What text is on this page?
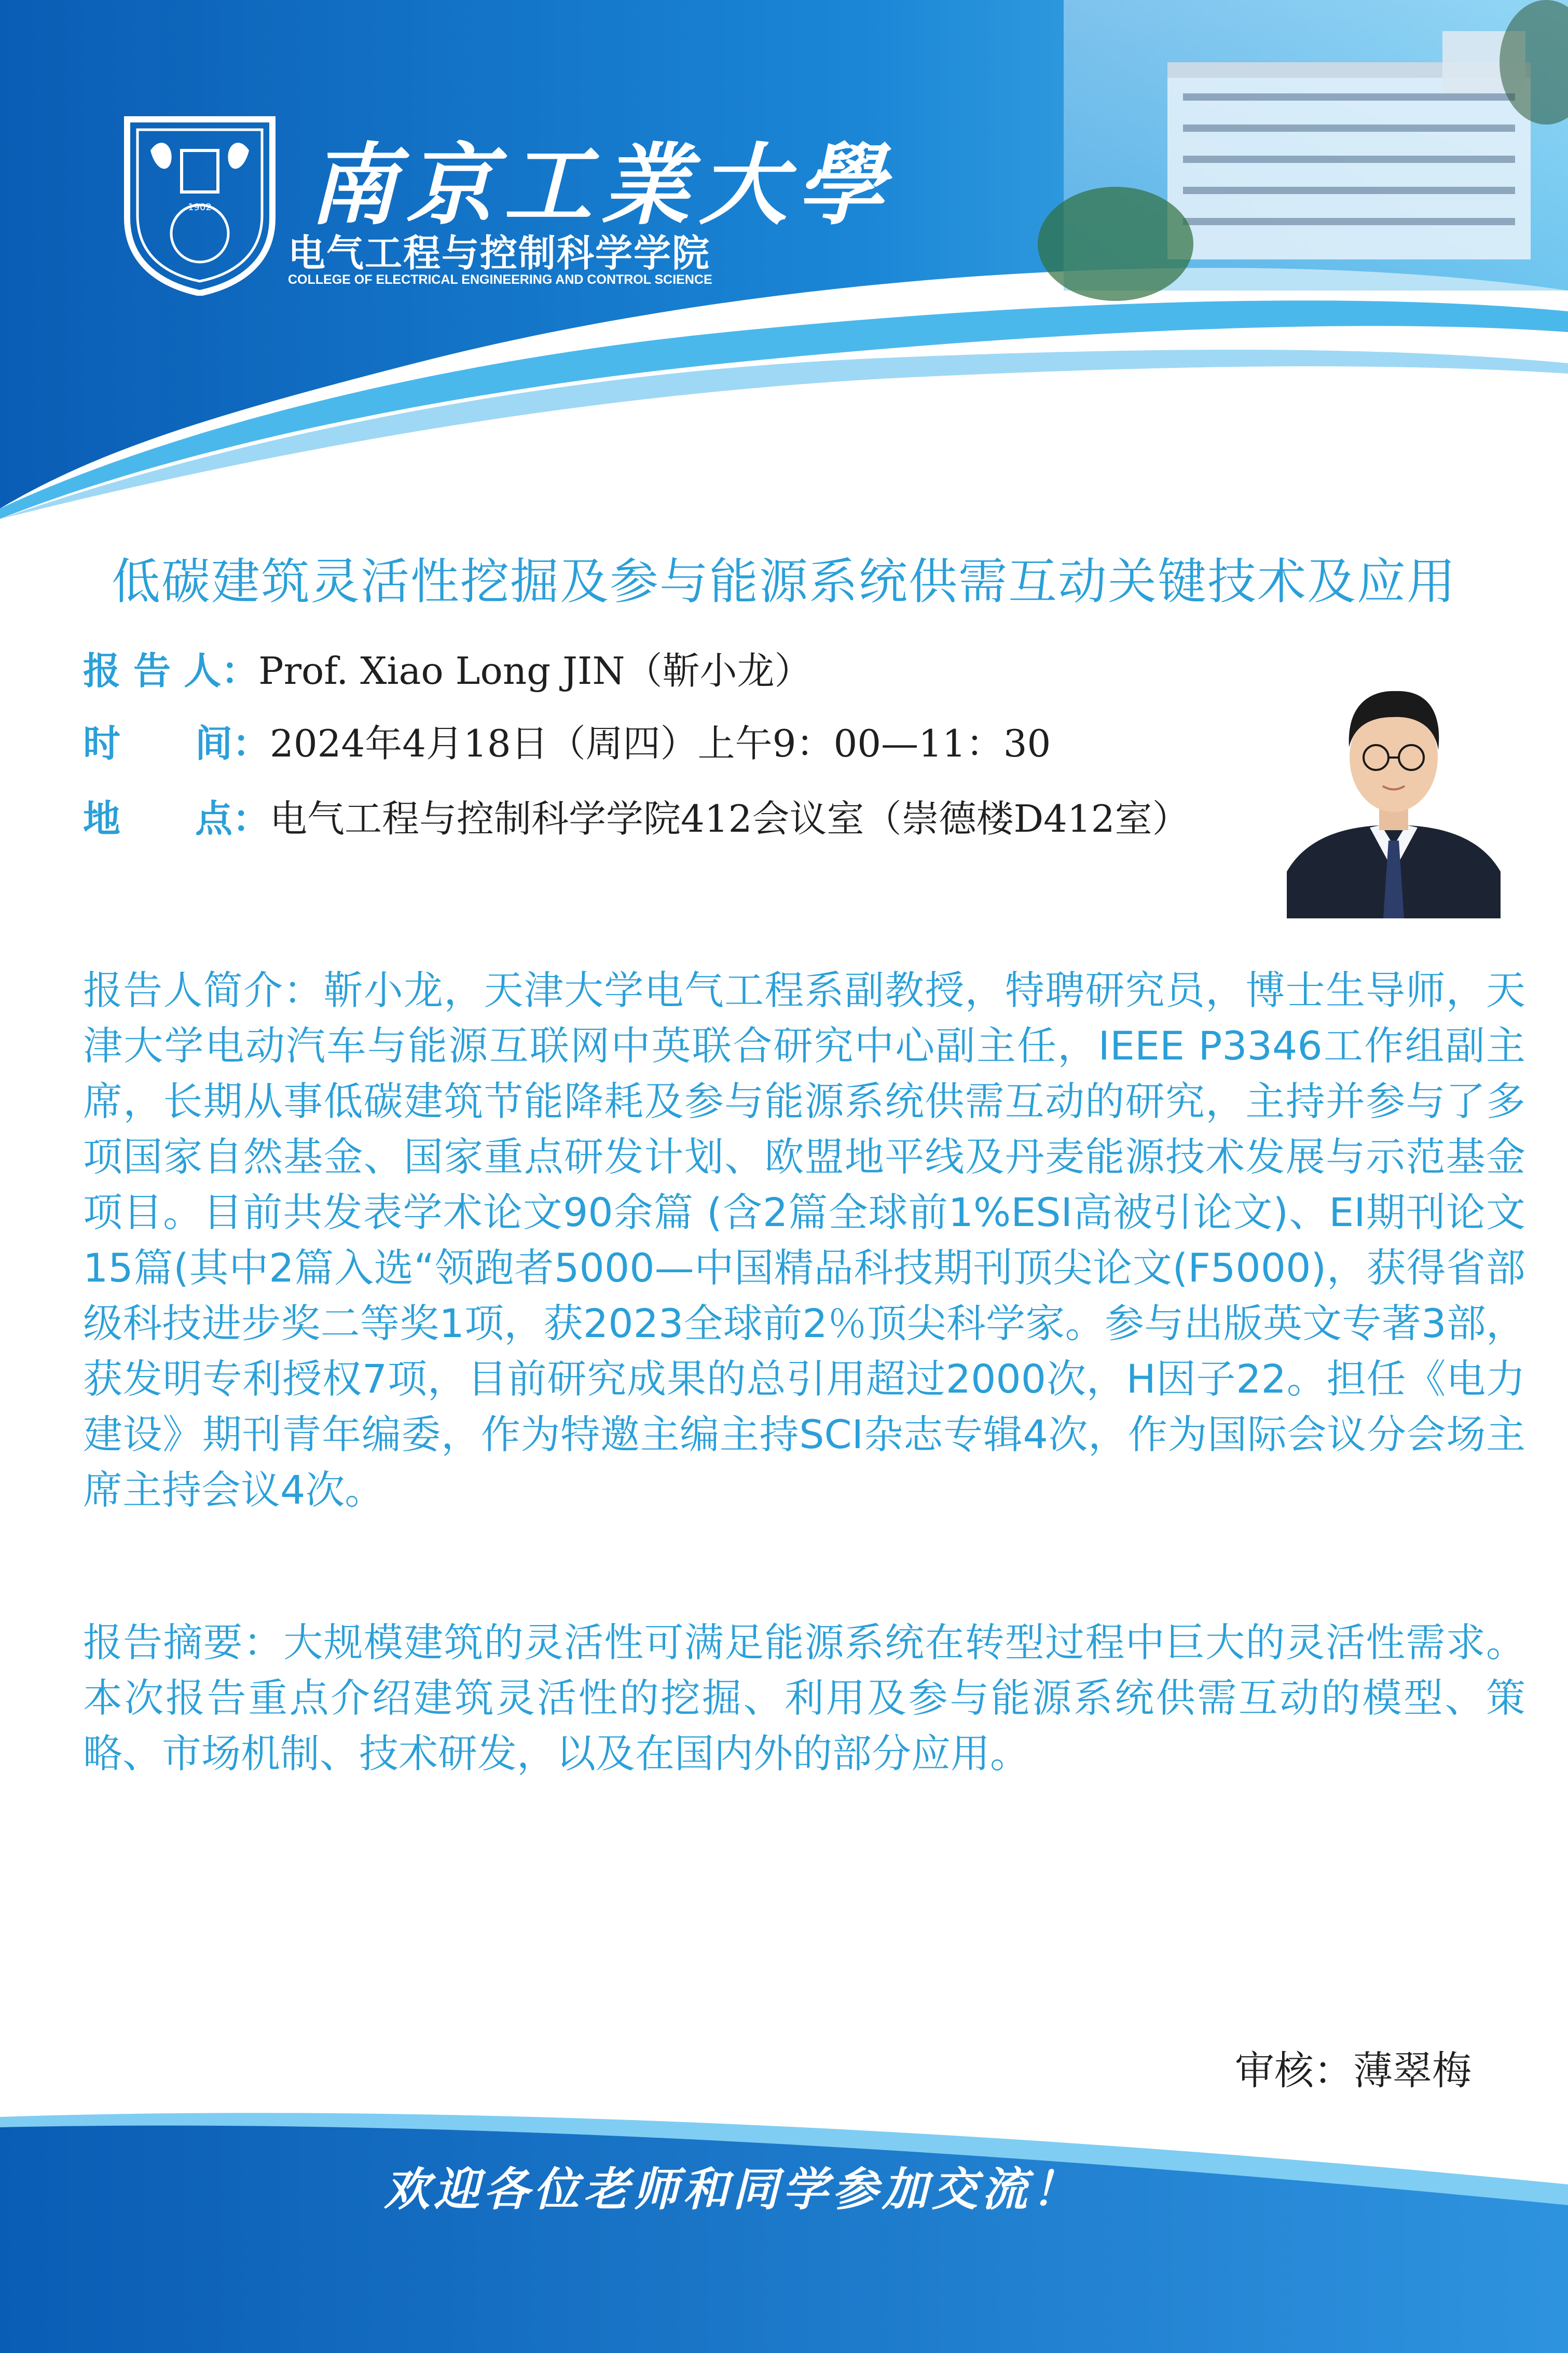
1902 南京工業大學
电气工程与控制科学学院
COLLEGE OF ELECTRICAL ENGINEERING AND CONTROL SCIENCE
低碳建筑灵活性挖掘及参与能源系统供需互动关键技术及应用
报 告 人：Prof. Xiao Long JIN（靳小龙）
时　　间：2024年4月18日（周四）上午9：00—11：30
地　　点：电气工程与控制科学学院412会议室（崇德楼D412室）
报告人简介：靳小龙，天津大学电气工程系副教授，特聘研究员，博士生导师，天津大学电动汽车与能源互联网中英联合研究中心副主任，IEEE P3346工作组副主席，长期从事低碳建筑节能降耗及参与能源系统供需互动的研究，主持并参与了多项国家自然基金、国家重点研发计划、欧盟地平线及丹麦能源技术发展与示范基金项目。目前共发表学术论文90余篇 (含2篇全球前1%ESI高被引论文)、EI期刊论文15篇(其中2篇入选“领跑者5000—中国精品科技期刊顶尖论文(F5000)，获得省部级科技进步奖二等奖1项，获2023全球前2％顶尖科学家。参与出版英文专著3部，获发明专利授权7项，目前研究成果的总引用超过2000次，H因子22。担任《电力建设》期刊青年编委，作为特邀主编主持SCI杂志专辑4次，作为国际会议分会场主席主持会议4次。
报告摘要：大规模建筑的灵活性可满足能源系统在转型过程中巨大的灵活性需求。本次报告重点介绍建筑灵活性的挖掘、利用及参与能源系统供需互动的模型、策略、市场机制、技术研发，以及在国内外的部分应用。
审核：薄翠梅
欢迎各位老师和同学参加交流！
